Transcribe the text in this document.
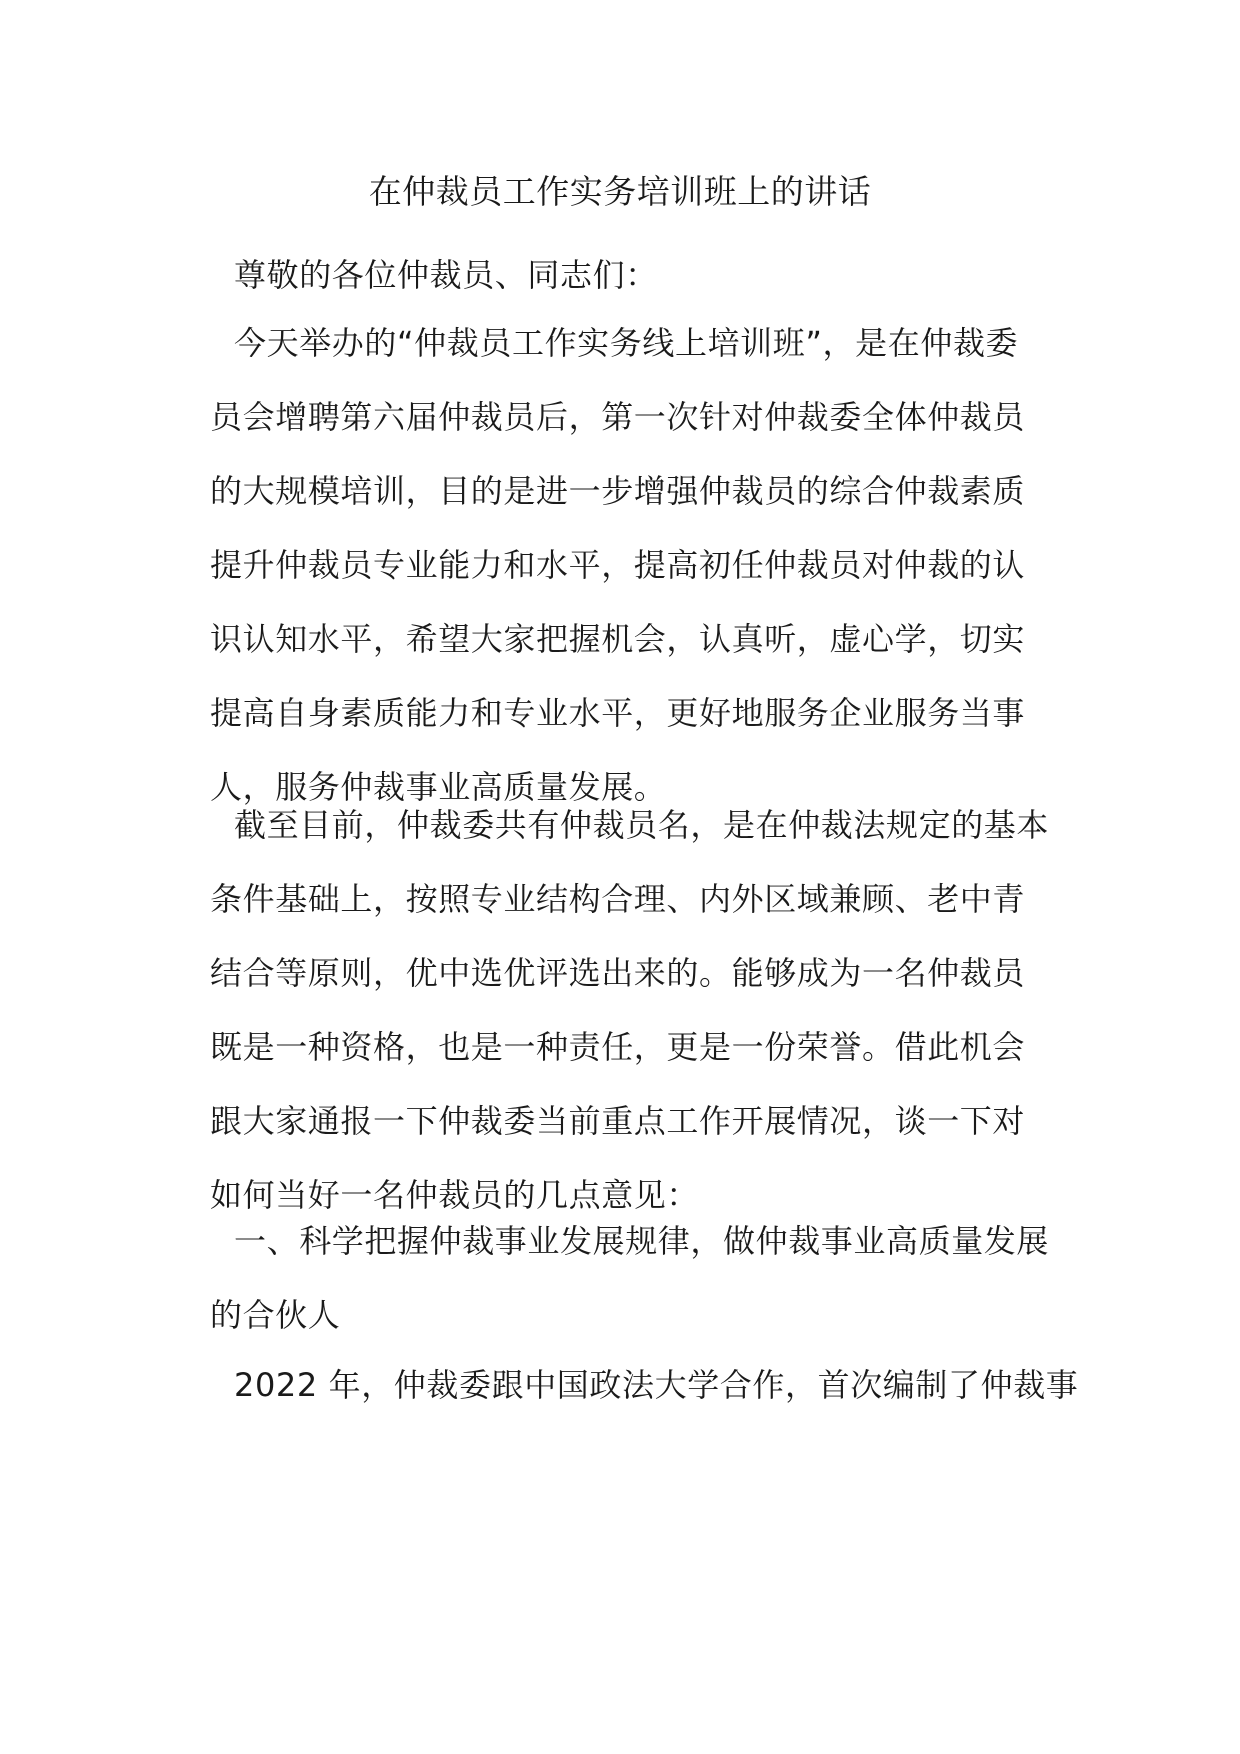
在仲裁员工作实务培训班上的讲话

尊敬的各位仲裁员、同志们：

今天举办的“仲裁员工作实务线上培训班”，是在仲裁委
员会增聘第六届仲裁员后，第一次针对仲裁委全体仲裁员
的大规模培训，目的是进一步增强仲裁员的综合仲裁素质
提升仲裁员专业能力和水平，提高初任仲裁员对仲裁的认
识认知水平，希望大家把握机会，认真听，虚心学，切实
提高自身素质能力和专业水平，更好地服务企业服务当事
人，服务仲裁事业高质量发展。

截至目前，仲裁委共有仲裁员名，是在仲裁法规定的基本
条件基础上，按照专业结构合理、内外区域兼顾、老中青
结合等原则，优中选优评选出来的。能够成为一名仲裁员
既是一种资格，也是一种责任，更是一份荣誉。借此机会
跟大家通报一下仲裁委当前重点工作开展情况，谈一下对
如何当好一名仲裁员的几点意见：

一、科学把握仲裁事业发展规律，做仲裁事业高质量发展
的合伙人

2022 年，仲裁委跟中国政法大学合作，首次编制了仲裁事
